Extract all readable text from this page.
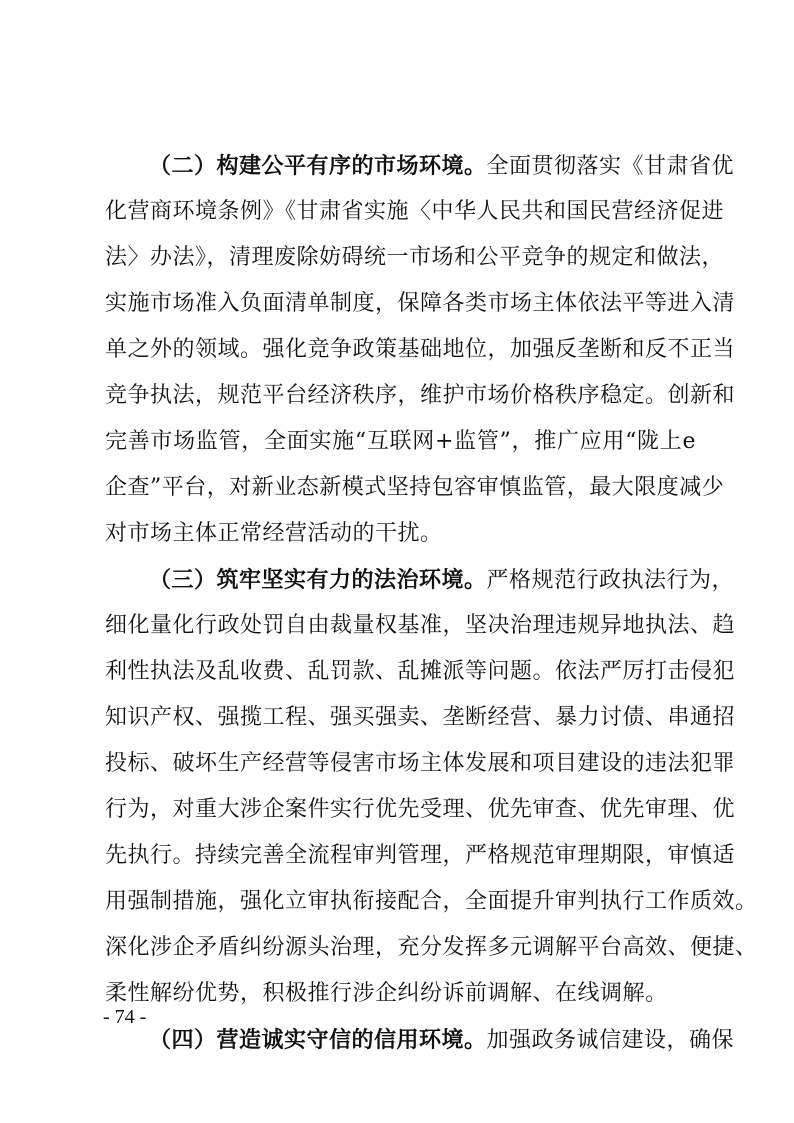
（二）构建公平有序的市场环境。全面贯彻落实《甘肃省优
化营商环境条例》《甘肃省实施〈中华人民共和国民营经济促进
法〉办法》，清理废除妨碍统一市场和公平竞争的规定和做法，
实施市场准入负面清单制度，保障各类市场主体依法平等进入清
单之外的领域。强化竞争政策基础地位，加强反垄断和反不正当
竞争执法，规范平台经济秩序，维护市场价格秩序稳定。创新和
完善市场监管，全面实施“互联网+监管”，推广应用“陇上e
企查”平台，对新业态新模式坚持包容审慎监管，最大限度减少
对市场主体正常经营活动的干扰。
（三）筑牢坚实有力的法治环境。严格规范行政执法行为，
细化量化行政处罚自由裁量权基准，坚决治理违规异地执法、趋
利性执法及乱收费、乱罚款、乱摊派等问题。依法严厉打击侵犯
知识产权、强揽工程、强买强卖、垄断经营、暴力讨债、串通招
投标、破坏生产经营等侵害市场主体发展和项目建设的违法犯罪
行为，对重大涉企案件实行优先受理、优先审查、优先审理、优
先执行。持续完善全流程审判管理，严格规范审理期限，审慎适
用强制措施，强化立审执衔接配合，全面提升审判执行工作质效。
深化涉企矛盾纠纷源头治理，充分发挥多元调解平台高效、便捷、
柔性解纷优势，积极推行涉企纠纷诉前调解、在线调解。
（四）营造诚实守信的信用环境。加强政务诚信建设，确保
- 74 -
